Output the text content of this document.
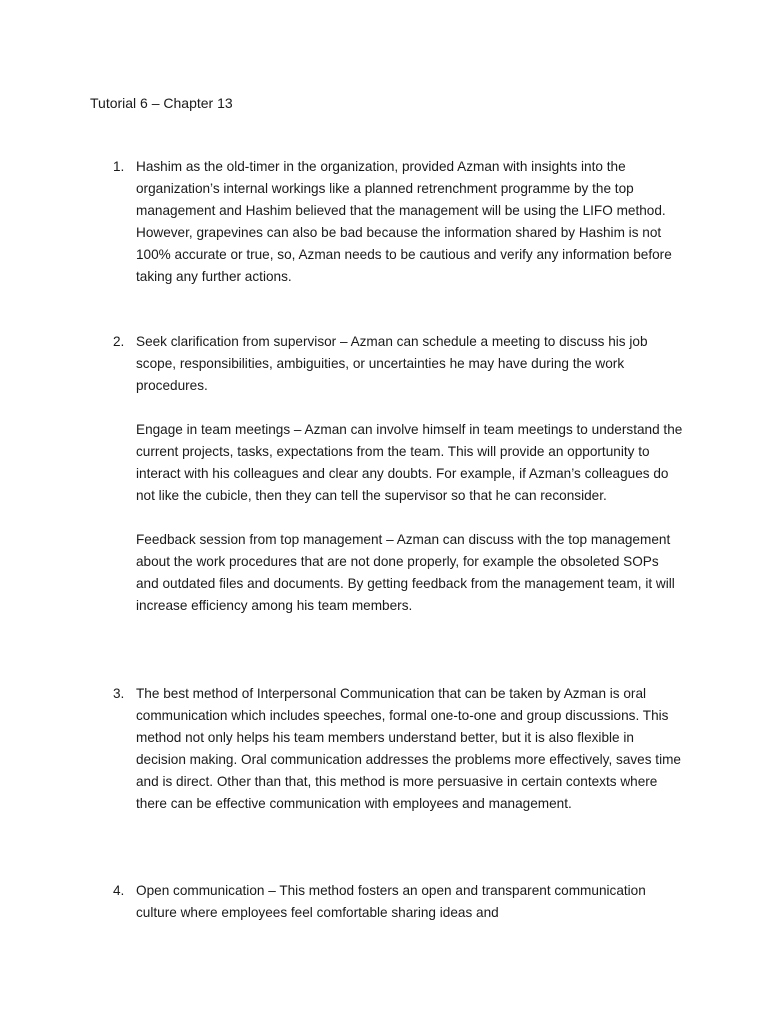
Tutorial 6 – Chapter 13
1. Hashim as the old-timer in the organization, provided Azman with insights into the organization’s internal workings like a planned retrenchment programme by the top management and Hashim believed that the management will be using the LIFO method. However, grapevines can also be bad because the information shared by Hashim is not 100% accurate or true, so, Azman needs to be cautious and verify any information before taking any further actions.

2. Seek clarification from supervisor – Azman can schedule a meeting to discuss his job scope, responsibilities, ambiguities, or uncertainties he may have during the work procedures.

Engage in team meetings – Azman can involve himself in team meetings to understand the current projects, tasks, expectations from the team. This will provide an opportunity to interact with his colleagues and clear any doubts. For example, if Azman’s colleagues do not like the cubicle, then they can tell the supervisor so that he can reconsider.

Feedback session from top management – Azman can discuss with the top management about the work procedures that are not done properly, for example the obsoleted SOPs and outdated files and documents. By getting feedback from the management team, it will increase efficiency among his team members.

3. The best method of Interpersonal Communication that can be taken by Azman is oral communication which includes speeches, formal one-to-one and group discussions. This method not only helps his team members understand better, but it is also flexible in decision making. Oral communication addresses the problems more effectively, saves time and is direct. Other than that, this method is more persuasive in certain contexts where there can be effective communication with employees and management.

4. Open communication – This method fosters an open and transparent communication culture where employees feel comfortable sharing ideas and
